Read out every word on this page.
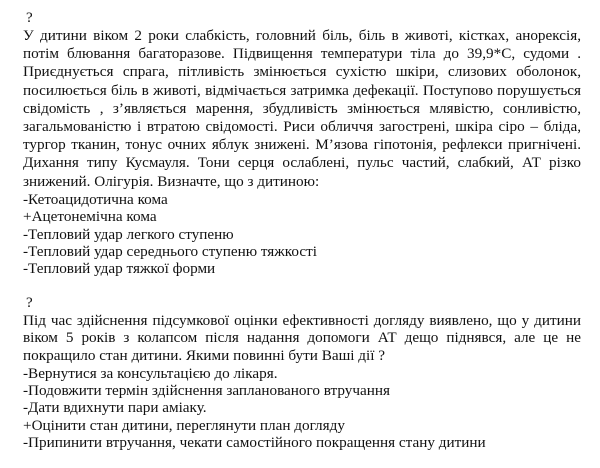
?

У дитини віком 2 роки слабкість, головний біль, біль в животі, кістках, анорексія, потім блювання багаторазове. Підвищення температури тіла до 39,9*С, судоми . Приєднується спрага, пітливість змінюється сухістю шкіри, слизових оболонок, посилюється біль в животі, відмічається затримка дефекації. Поступово порушується свідомість , з’являється марення, збудливість змінюється млявістю, сонливістю, загальмованістю і втратою свідомості. Риси обличчя загострені, шкіра сіро – бліда, тургор тканин, тонус очних яблук знижені. М’язова гіпотонія, рефлекси пригнічені. Дихання типу Кусмауля. Тони серця ослаблені, пульс частий, слабкий, АТ різко знижений. Олігурія. Визначте, що з дитиною:

-Кетоацидотична кома
+Ацетонемічна кома
-Тепловий удар легкого ступеню
-Тепловий удар середнього ступеню тяжкості
-Тепловий удар тяжкої форми
?

Під час здійснення підсумкової оцінки ефективності догляду виявлено, що у дитини віком 5 років з колапсом після надання допомоги АТ дещо піднявся, але це не покращило стан дитини. Якими повинні бути Ваші дії ?

-Вернутися за консультацією до лікаря.
-Подовжити термін здійснення запланованого втручання
-Дати вдихнути пари аміаку.
+Оцінити стан дитини, переглянути план догляду
-Припинити втручання, чекати самостійного покращення стану дитини
